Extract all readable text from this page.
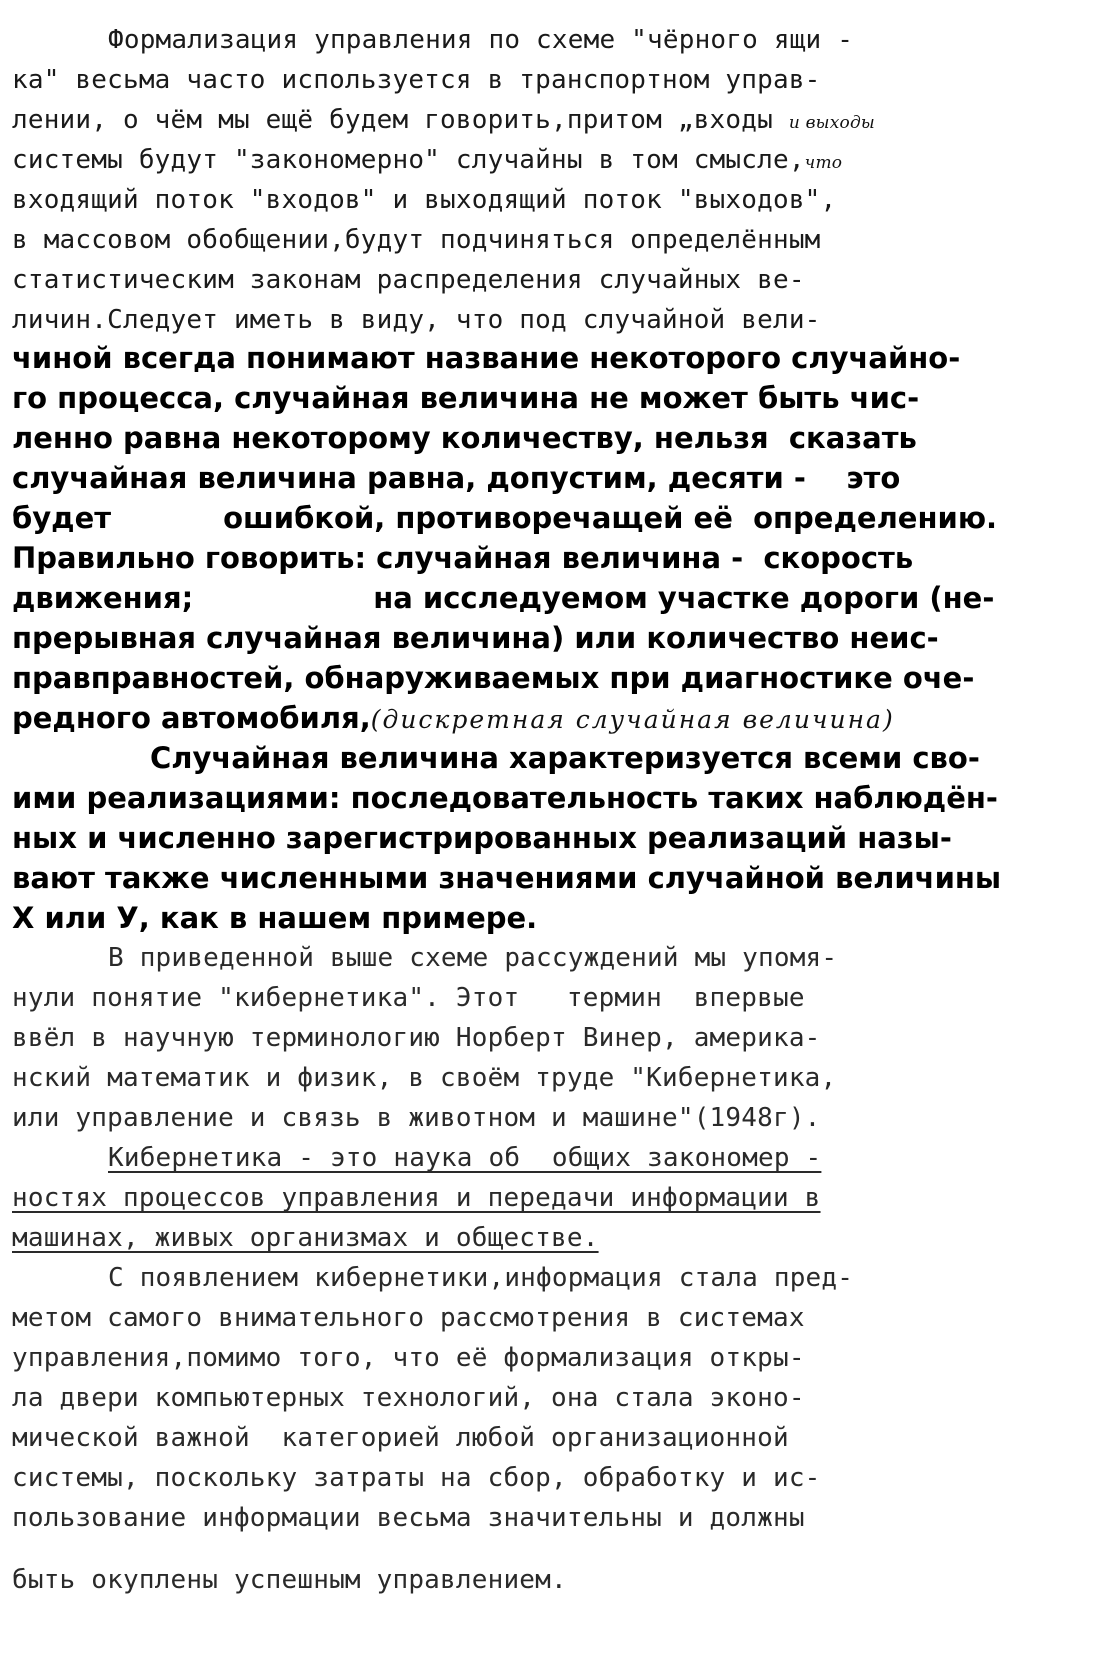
Формализация управления по схеме "чёрного ящи -
ка" весьма часто используется в транспортном управ-
лении, о чём мы ещё будем говорить,притом „входы и выходы
системы будут "закономерно" случайны в том смысле,что
входящий поток "входов" и выходящий поток "выходов",
в массовом обобщении,будут подчиняться определённым
статистическим законам распределения случайных ве-
личин.Следует иметь в виду, что под случайной вели-
чиной всегда понимают название некоторого случайно-
го процесса, случайная величина не может быть чис-
ленно равна некоторому количеству, нельзя  сказать
случайная величина равна, допустим, десяти -    это
будет	ошибкой, противоречащей её  определению.
Правильно говорить: случайная величина -  скорость
движения;	на исследуемом участке дороги (не-
прерывная случайная величина) или количество неис-
правправностей, обнаруживаемых при диагностике оче-
редного автомобиля,(дискретная случайная величина)
Случайная величина характеризуется всеми сво-
ими реализациями: последовательность таких наблюдён-
ных и численно зарегистрированных реализаций назы-
вают также численными значениями случайной величины
X или У, как в нашем примере.
В приведенной выше схеме рассуждений мы упомя-
нули понятие "кибернетика". Этот   термин  впервые
ввёл в научную терминологию Норберт Винер, америка-
нский математик и физик, в своём труде "Кибернетика,
или управление и связь в животном и машине"(1948г).
Кибернетика - это наука об  общих закономер -
ностях процессов управления и передачи информации в
машинах, живых организмах и обществе.
С появлением кибернетики,информация стала пред-
метом самого внимательного рассмотрения в системах
управления,помимо того, что её формализация откры-
ла двери компьютерных технологий, она стала эконо-
мической важной  категорией любой организационной
системы, поскольку затраты на сбор, обработку и ис-
пользование информации весьма значительны и должны
быть окуплены успешным управлением.
